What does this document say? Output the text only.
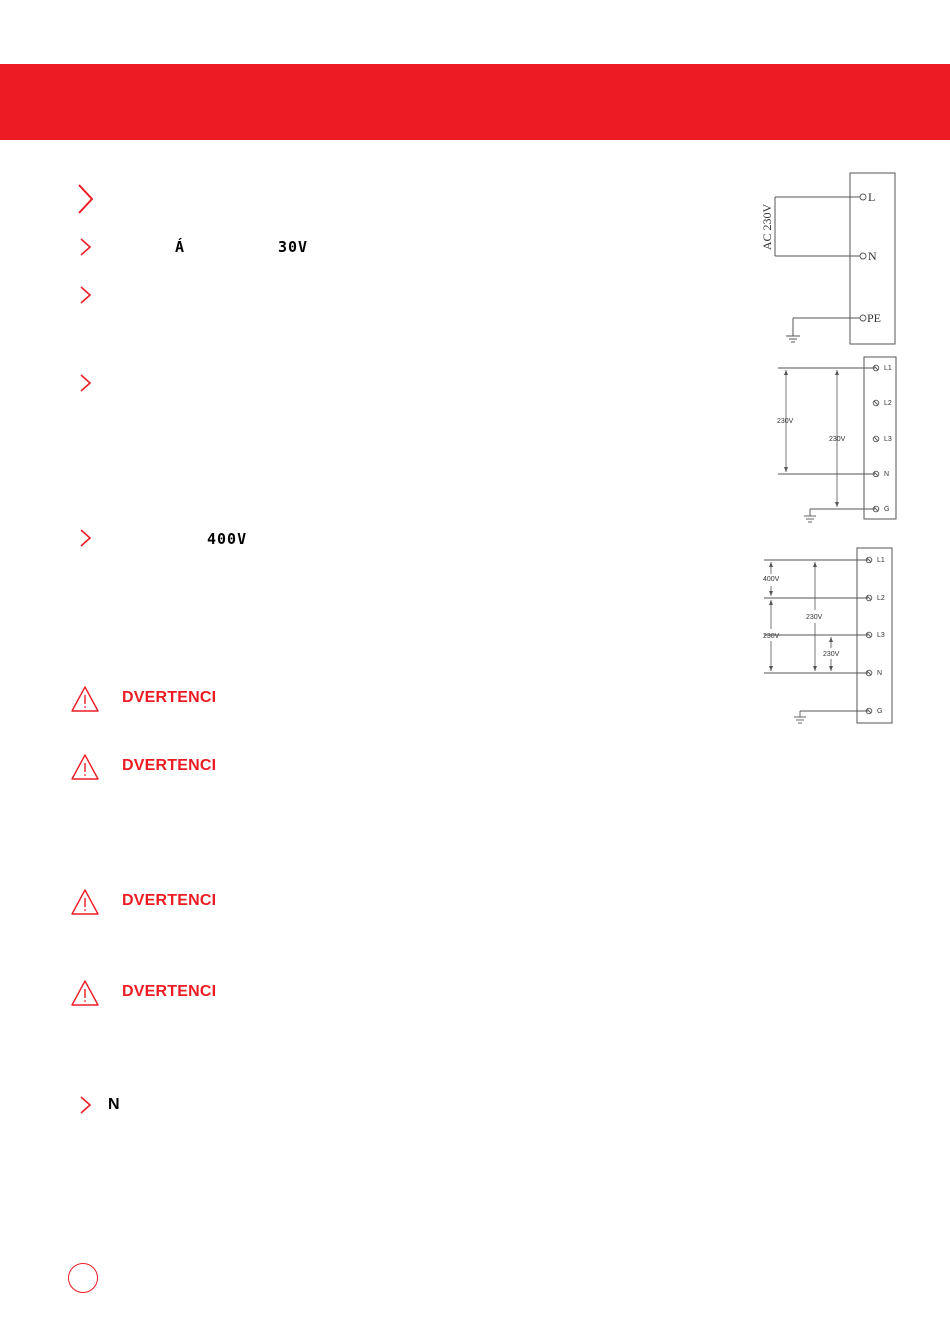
Á	30V
400V
N
DVERTENCI
DVERTENCI
DVERTENCI
DVERTENCI
AC 230V
L
N
PE
L1
L2
L3
N
G
230V
230V
L1
L2
L3
N
G
400V
230V
230V
230V
